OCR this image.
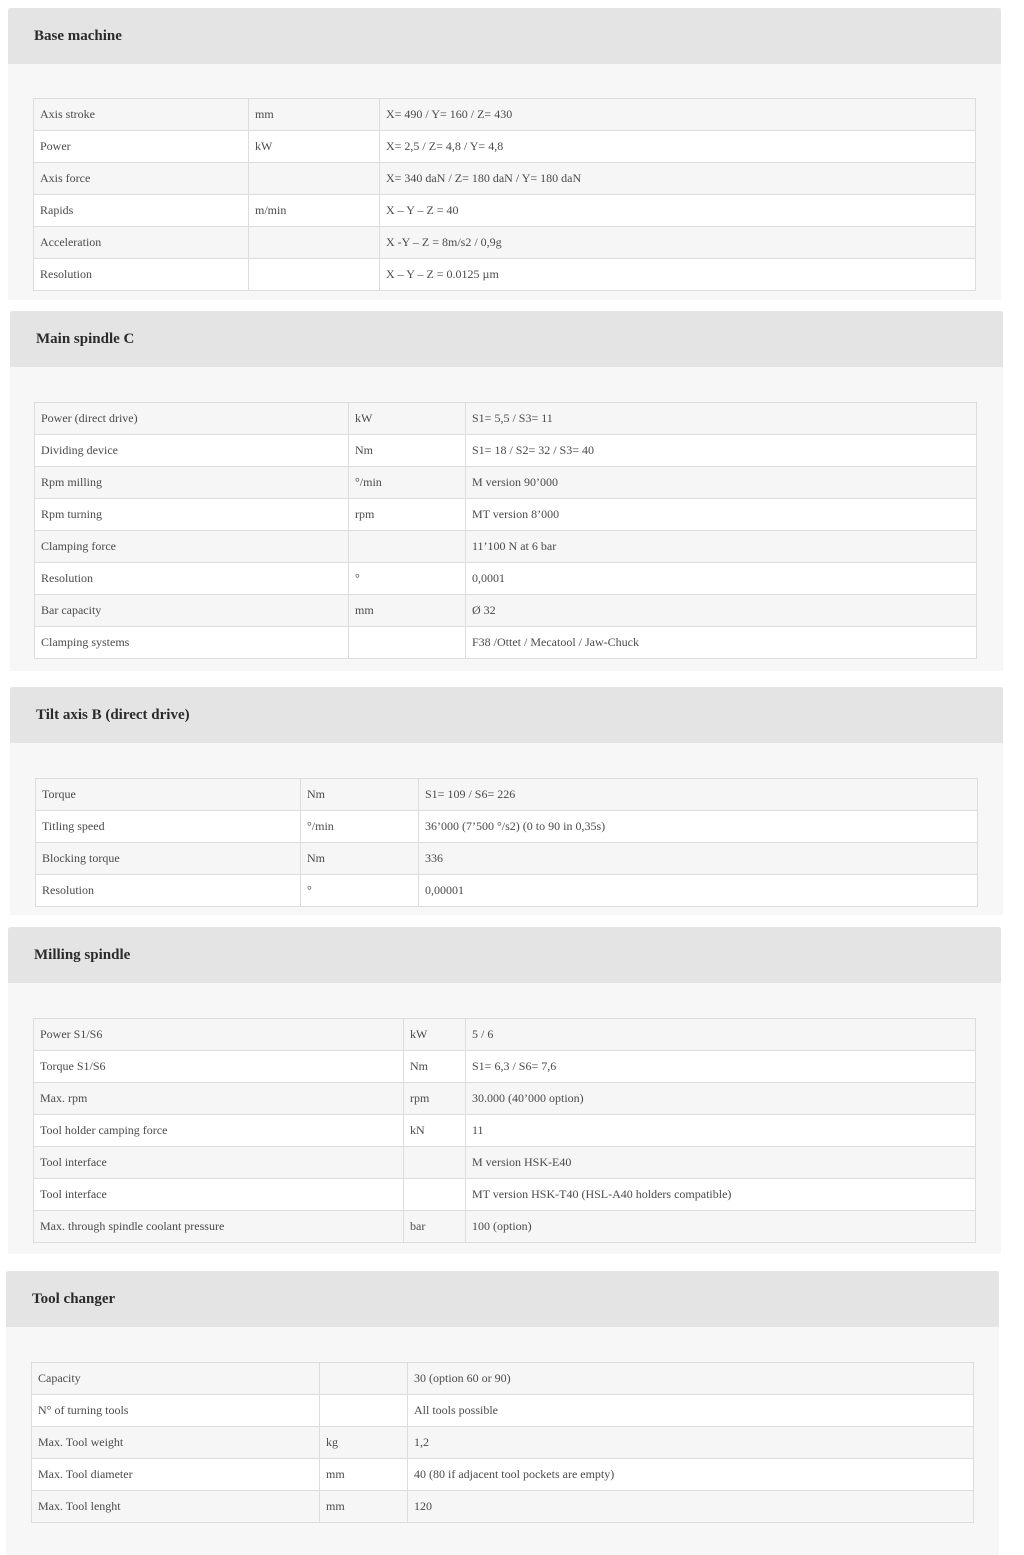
Base machine
Axis stroke	mm	X= 490 / Y= 160 / Z= 430
Power	kW	X= 2,5 / Z= 4,8 / Y= 4,8
Axis force		X= 340 daN / Z= 180 daN / Y= 180 daN
Rapids	m/min	X – Y – Z = 40
Acceleration		X -Y – Z = 8m/s2 / 0,9g
Resolution		X – Y – Z = 0.0125 µm
Main spindle C
Power (direct drive)	kW	S1= 5,5 / S3= 11
Dividing device	Nm	S1= 18 / S2= 32 / S3= 40
Rpm milling	°/min	M version 90’000
Rpm turning	rpm	MT version 8’000
Clamping force		11’100 N at 6 bar
Resolution	°	0,0001
Bar capacity	mm	Ø 32
Clamping systems		F38 /Ottet / Mecatool / Jaw-Chuck
Tilt axis B (direct drive)
Torque	Nm	S1= 109 / S6= 226
Titling speed	°/min	36’000 (7’500 °/s2) (0 to 90 in 0,35s)
Blocking torque	Nm	336
Resolution	°	0,00001
Milling spindle
Power S1/S6	kW	5 / 6
Torque S1/S6	Nm	S1= 6,3 / S6= 7,6
Max. rpm	rpm	30.000 (40’000 option)
Tool holder camping force	kN	11
Tool interface		M version HSK-E40
Tool interface		MT version HSK-T40 (HSL-A40 holders compatible)
Max. through spindle coolant pressure	bar	100 (option)
Tool changer
Capacity		30 (option 60 or 90)
N° of turning tools		All tools possible
Max. Tool weight	kg	1,2
Max. Tool diameter	mm	40 (80 if adjacent tool pockets are empty)
Max. Tool lenght	mm	120
